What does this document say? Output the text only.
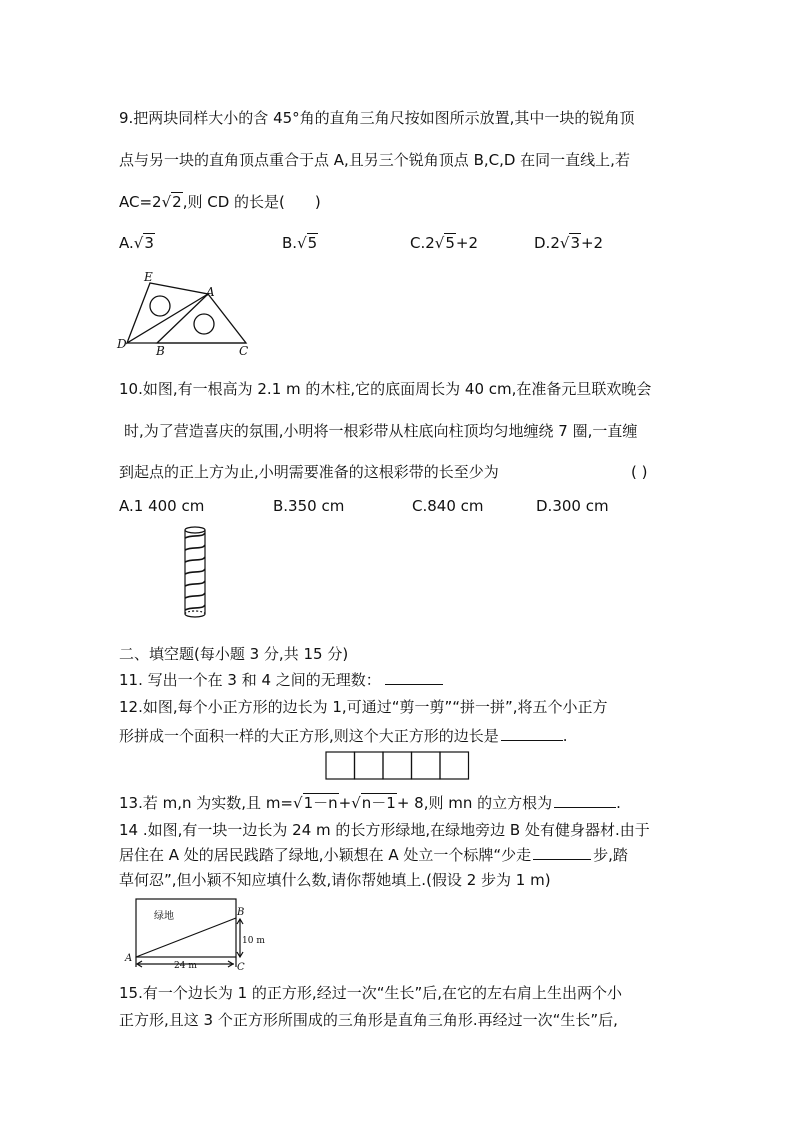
9.把两块同样大小的含 45°角的直角三角尺按如图所示放置,其中一块的锐角顶
点与另一块的直角顶点重合于点 A,且另三个锐角顶点 B,C,D 在同一直线上,若
AC=2√2,则 CD 的长是( )
A.√3	B.√5	C.2√5+2	D.2√3+2
E
A
D B	C
10.如图,有一根高为 2.1 m 的木柱,它的底面周长为 40 cm,在准备元旦联欢晚会
时,为了营造喜庆的氛围,小明将一根彩带从柱底向柱顶均匀地缠绕 7 圈,一直缠
到起点的正上方为止,小明需要准备的这根彩带的长至少为	( )
A.1 400 cm	B.350 cm	C.840 cm	D.300 cm
二、填空题(每小题 3 分,共 15 分)
11. 写出一个在 3 和 4 之间的无理数：
12.如图,每个小正方形的边长为 1,可通过“剪一剪”“拼一拼”,将五个小正方
形拼成一个面积一样的大正方形,则这个大正方形的边长是	.
13.若 m,n 为实数,且 m=√1－n+√n－1+ 8,则 mn 的立方根为	.
14 .如图,有一块一边长为 24 m 的长方形绿地,在绿地旁边 B 处有健身器材.由于
居住在 A 处的居民践踏了绿地,小颖想在 A 处立一个标牌“少走	步,踏
草何忍”,但小颖不知应填什么数,请你帮她填上.(假设 2 步为 1 m)
绿地
A
B
C
24 m
10 m
15.有一个边长为 1 的正方形,经过一次“生长”后,在它的左右肩上生出两个小
正方形,且这 3 个正方形所围成的三角形是直角三角形.再经过一次“生长”后,
